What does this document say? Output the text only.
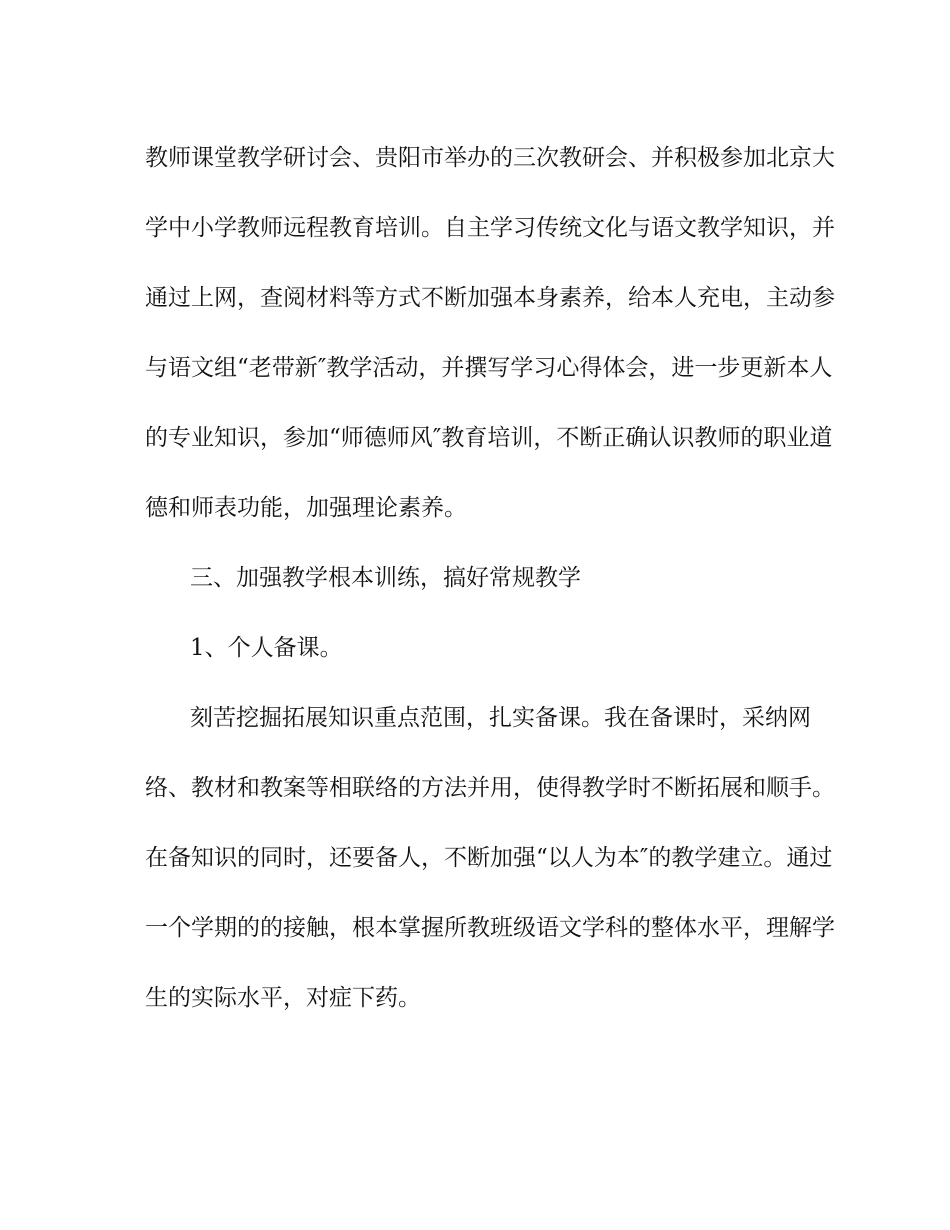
教师课堂教学研讨会、贵阳市举办的三次教研会、并积极参加北京大
学中小学教师远程教育培训。自主学习传统文化与语文教学知识，并
通过上网，查阅材料等方式不断加强本身素养，给本人充电，主动参
与语文组“老带新″教学活动，并撰写学习心得体会，进一步更新本人
的专业知识，参加“师德师风″教育培训，不断正确认识教师的职业道
德和师表功能，加强理论素养。
三、加强教学根本训练，搞好常规教学
1、个人备课。
刻苦挖掘拓展知识重点范围，扎实备课。我在备课时，采纳网
络、教材和教案等相联络的方法并用，使得教学时不断拓展和顺手。
在备知识的同时，还要备人，不断加强“以人为本″的教学建立。通过
一个学期的的接触，根本掌握所教班级语文学科的整体水平，理解学
生的实际水平，对症下药。
